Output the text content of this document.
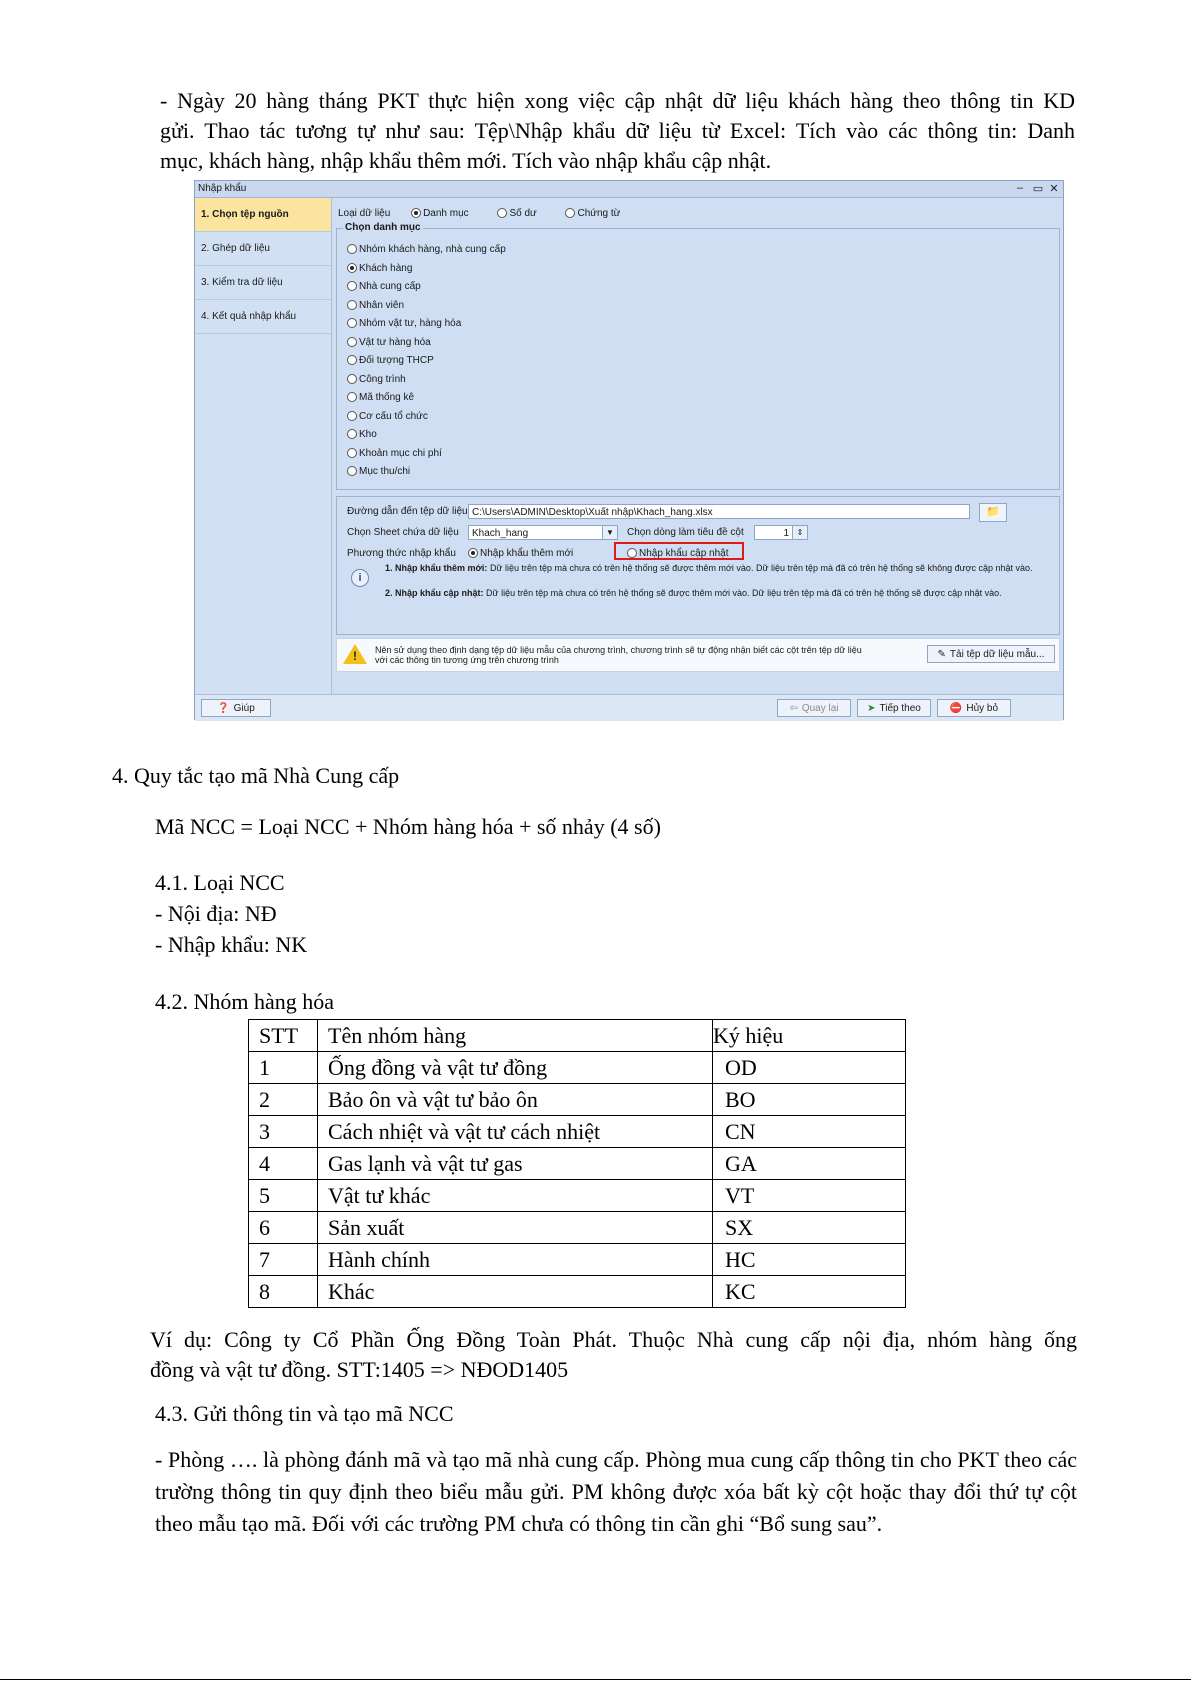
- Ngày 20 hàng tháng PKT thực hiện xong việc cập nhật dữ liệu khách hàng theo thông tin KD
gửi. Thao tác tương tự như sau: Tệp\Nhập khẩu dữ liệu từ Excel: Tích vào các thông tin: Danh
mục, khách hàng, nhập khẩu thêm mới. Tích vào nhập khẩu cập nhật.
Nhập khẩu	– ▭ ✕
1. Chọn tệp nguồn
2. Ghép dữ liệu
3. Kiểm tra dữ liệu
4. Kết quả nhập khẩu
Loại dữ liệu	Danh mục	Số dư	Chứng từ
Chọn danh mục
Nhóm khách hàng, nhà cung cấp
Khách hàng
Nhà cung cấp
Nhân viên
Nhóm vật tư, hàng hóa
Vật tư hàng hóa
Đối tượng THCP
Công trình
Mã thống kê
Cơ cấu tổ chức
Kho
Khoản mục chi phí
Mục thu/chi
Đường dẫn đến tệp dữ liệu C:\Users\ADMIN\Desktop\Xuất nhập\Khach_hang.xlsx	📁
Chọn Sheet chứa dữ liệu	Khach_hang	▼	Chọn dòng làm tiêu đề cột	1 ⇕
Phương thức nhập khẩu	Nhập khẩu thêm mới	Nhập khẩu cập nhật
i
1. Nhập khẩu thêm mới: Dữ liệu trên tệp mà chưa có trên hệ thống sẽ được thêm mới vào. Dữ liệu trên tệp mà đã có trên hệ thống sẽ không được cập nhật vào.
2. Nhập khẩu cập nhật: Dữ liệu trên tệp mà chưa có trên hệ thống sẽ được thêm mới vào. Dữ liệu trên tệp mà đã có trên hệ thống sẽ được cập nhật vào.
! Nên sử dụng theo định dạng tệp dữ liệu mẫu của chương trình, chương trình sẽ tự động nhận biết các cột trên tệp dữ liệu với các thông tin tương ứng trên chương trình	✎ Tải tệp dữ liệu mẫu...
❓ Giúp	⇦ Quay lại	➤ Tiếp theo	⛔ Hủy bỏ
4. Quy tắc tạo mã Nhà Cung cấp
Mã NCC = Loại NCC + Nhóm hàng hóa + số nhảy (4 số)
4.1. Loại NCC
- Nội địa: NĐ
- Nhập khẩu: NK
4.2. Nhóm hàng hóa
STT	Tên nhóm hàng	Ký hiệu
1	Ống đồng và vật tư đồng	OD
2	Bảo ôn và vật tư bảo ôn	BO
3	Cách nhiệt và vật tư cách nhiệt	CN
4	Gas lạnh và vật tư gas	GA
5	Vật tư khác	VT
6	Sản xuất	SX
7	Hành chính	HC
8	Khác	KC
Ví dụ: Công ty Cổ Phần Ống Đồng Toàn Phát. Thuộc Nhà cung cấp nội địa, nhóm hàng ống
đồng và vật tư đồng. STT:1405 => NĐOD1405
4.3. Gửi thông tin và tạo mã NCC
- Phòng …. là phòng đánh mã và tạo mã nhà cung cấp. Phòng mua cung cấp thông tin cho PKT theo các trường thông tin quy định theo biểu mẫu gửi. PM không được xóa bất kỳ cột hoặc thay đổi thứ tự cột theo mẫu tạo mã. Đối với các trường PM chưa có thông tin cần ghi “Bổ sung sau”.
